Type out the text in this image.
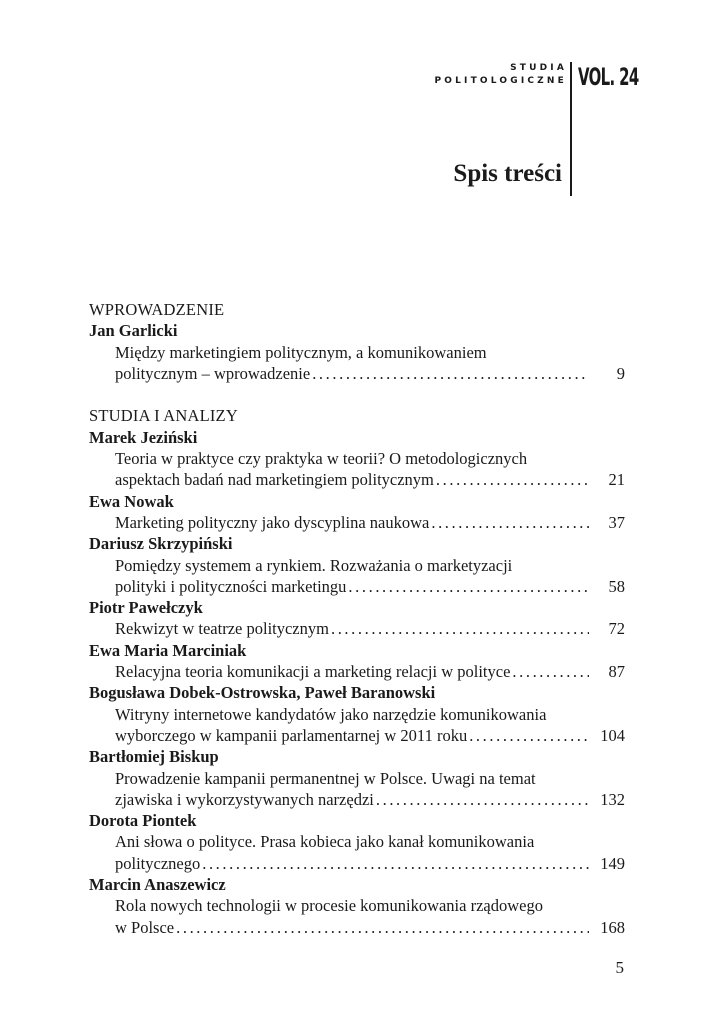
STUDIA
POLITOLOGICZNE VOL. 24
Spis treści
WPROWADZENIE
Jan Garlicki
Między marketingiem politycznym, a komunikowaniem
politycznym – wprowadzenie .....	9
STUDIA I ANALIZY
Marek Jeziński
Teoria w praktyce czy praktyka w teorii? O metodologicznych
aspektach badań nad marketingiem politycznym .....	21
Ewa Nowak
Marketing polityczny jako dyscyplina naukowa .....	37
Dariusz Skrzypiński
Pomiędzy systemem a rynkiem. Rozważania o marketyzacji
polityki i polityczności marketingu .....	58
Piotr Pawełczyk
Rekwizyt w teatrze politycznym .....	72
Ewa Maria Marciniak
Relacyjna teoria komunikacji a marketing relacji w polityce .....	87
Bogusława Dobek-Ostrowska, Paweł Baranowski
Witryny internetowe kandydatów jako narzędzie komunikowania
wyborczego w kampanii parlamentarnej w 2011 roku .....	104
Bartłomiej Biskup
Prowadzenie kampanii permanentnej w Polsce. Uwagi na temat
zjawiska i wykorzystywanych narzędzi .....	132
Dorota Piontek
Ani słowa o polityce. Prasa kobieca jako kanał komunikowania
politycznego .....	149
Marcin Anaszewicz
Rola nowych technologii w procesie komunikowania rządowego
w Polsce .....	168
5
